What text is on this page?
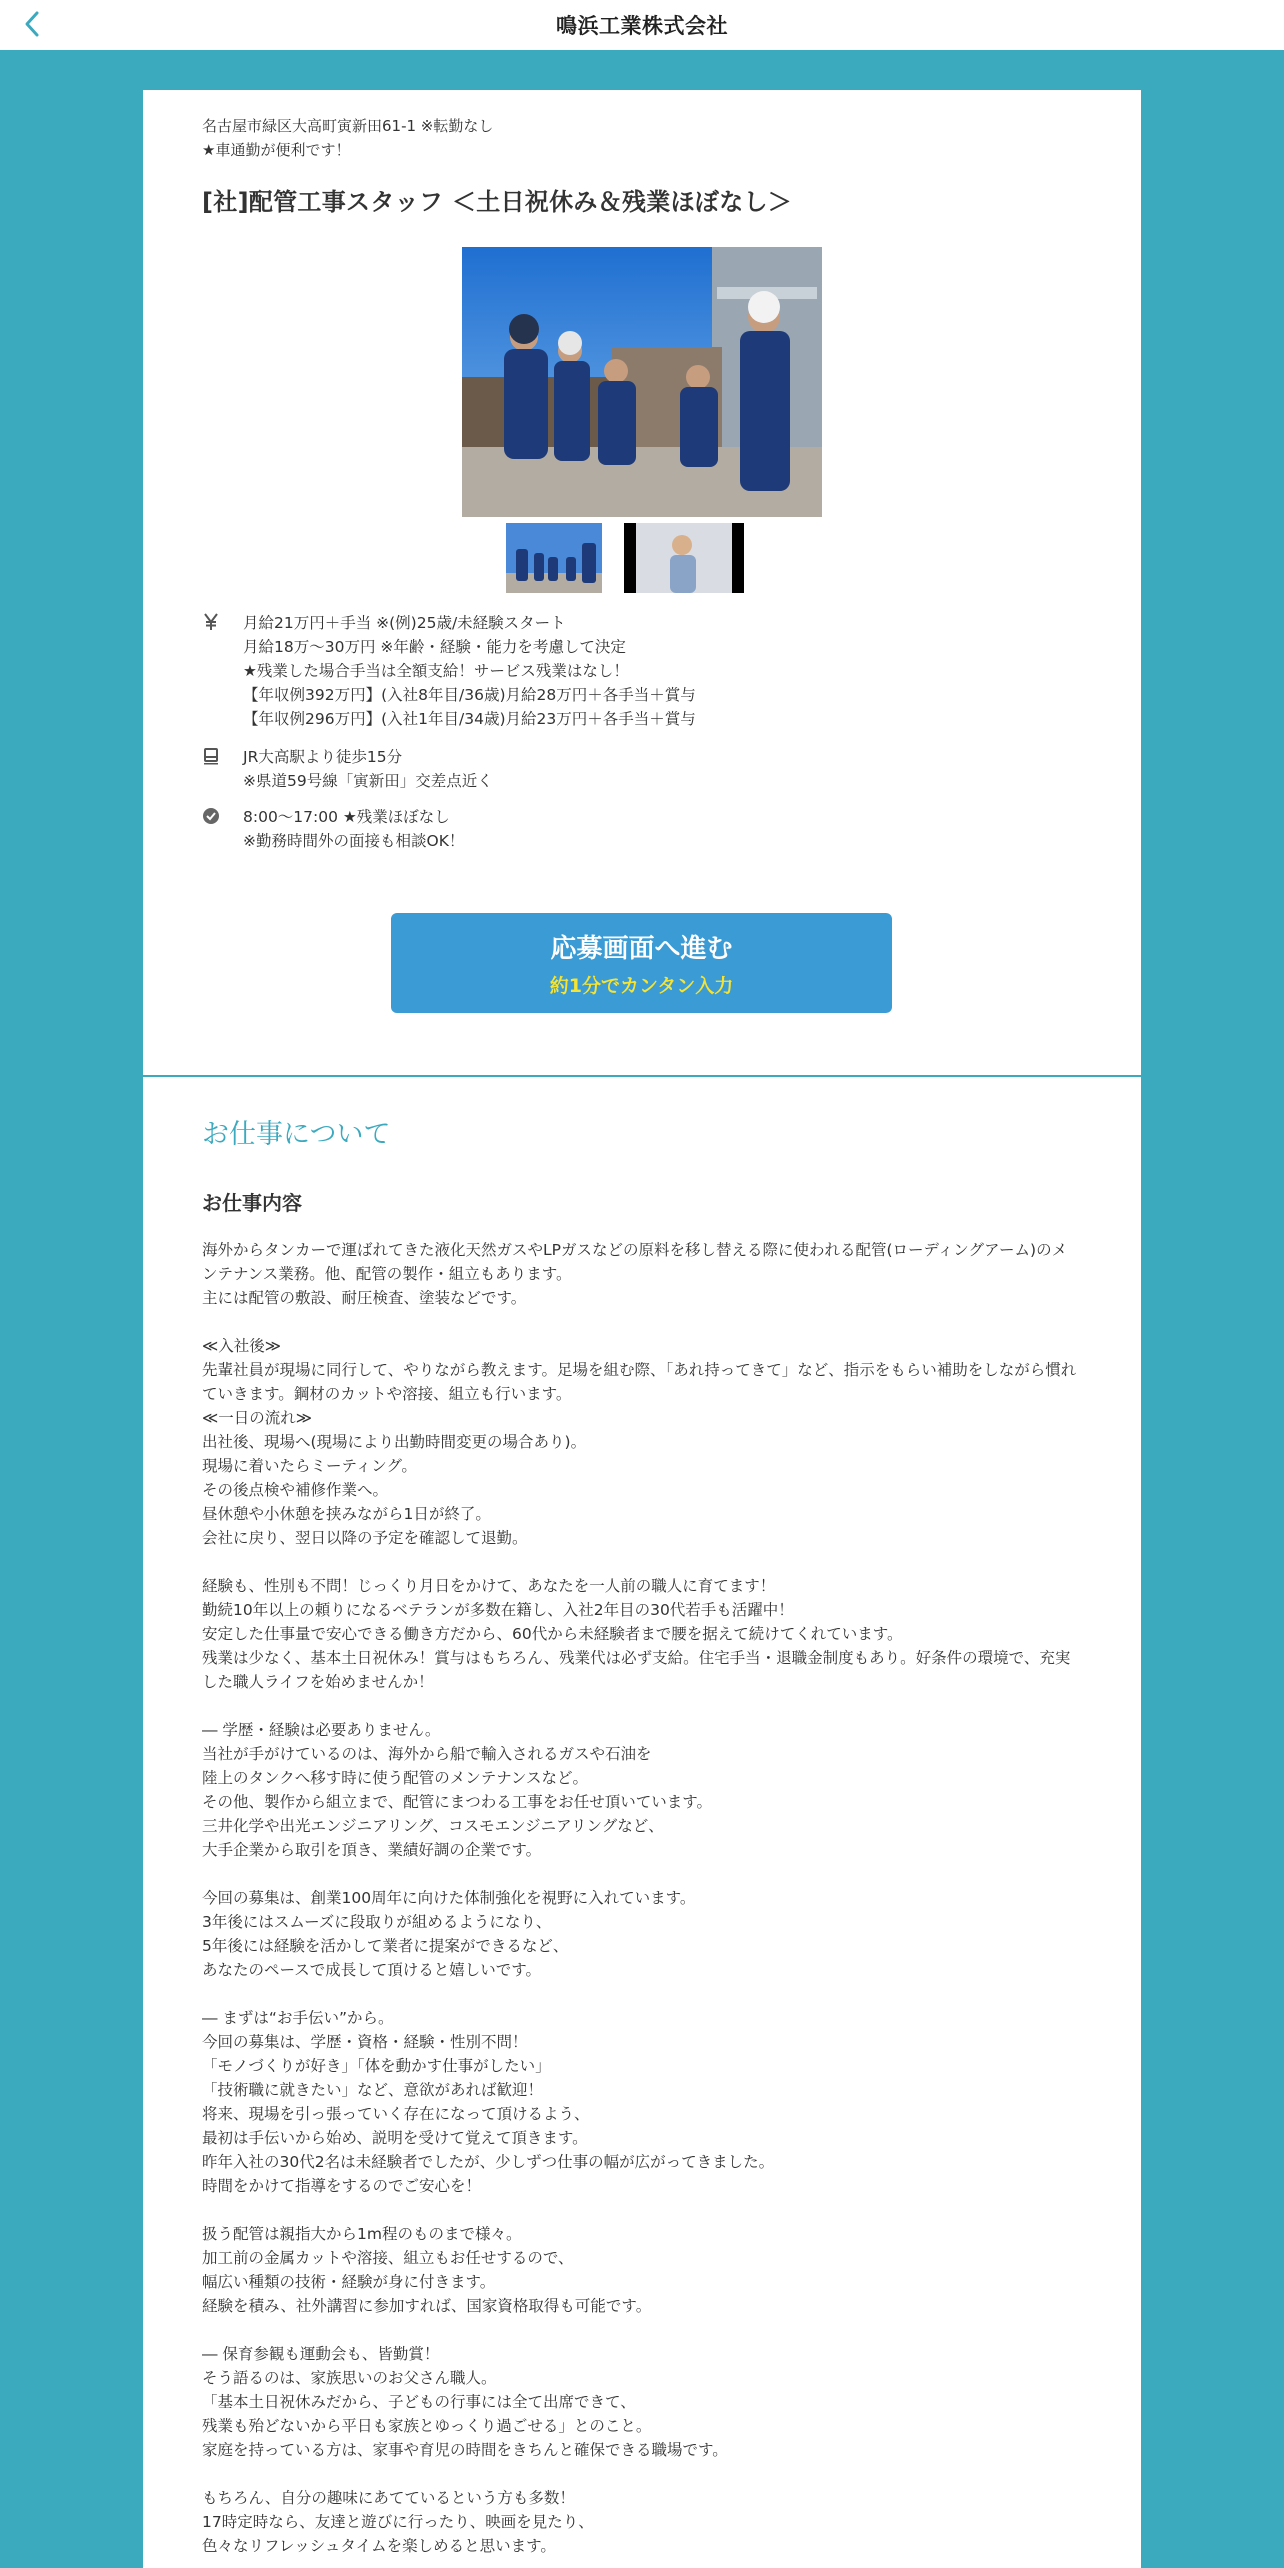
鳴浜工業株式会社
名古屋市緑区大高町寅新田61-1 ※転勤なし
★車通勤が便利です！
[社]配管工事スタッフ ＜土日祝休み＆残業ほぼなし＞
月給21万円＋手当 ※(例)25歳/未経験スタート
月給18万～30万円 ※年齢・経験・能力を考慮して決定
★残業した場合手当は全額支給！サービス残業はなし！
【年収例392万円】(入社8年目/36歳)月給28万円＋各手当＋賞与
【年収例296万円】(入社1年目/34歳)月給23万円＋各手当＋賞与
JR大高駅より徒歩15分
※県道59号線「寅新田」交差点近く
8:00～17:00 ★残業ほぼなし
※勤務時間外の面接も相談OK！
応募画面へ進む
約1分でカンタン入力
お仕事について
お仕事内容
海外からタンカーで運ばれてきた液化天然ガスやLPガスなどの原料を移し替える際に使われる配管(ローディングアーム)のメンテナンス業務。他、配管の製作・組立もあります。
主には配管の敷設、耐圧検査、塗装などです。

≪入社後≫
先輩社員が現場に同行して、やりながら教えます。足場を組む際、「あれ持ってきて」など、指示をもらい補助をしながら慣れていきます。鋼材のカットや溶接、組立も行います。
≪一日の流れ≫
出社後、現場へ(現場により出勤時間変更の場合あり)。
現場に着いたらミーティング。
その後点検や補修作業へ。
昼休憩や小休憩を挟みながら1日が終了。
会社に戻り、翌日以降の予定を確認して退勤。

経験も、性別も不問！じっくり月日をかけて、あなたを一人前の職人に育てます！
勤続10年以上の頼りになるベテランが多数在籍し、入社2年目の30代若手も活躍中！
安定した仕事量で安心できる働き方だから、60代から未経験者まで腰を据えて続けてくれています。
残業は少なく、基本土日祝休み！賞与はもちろん、残業代は必ず支給。住宅手当・退職金制度もあり。好条件の環境で、充実した職人ライフを始めませんか！

― 学歴・経験は必要ありません。
当社が手がけているのは、海外から船で輸入されるガスや石油を
陸上のタンクへ移す時に使う配管のメンテナンスなど。
その他、製作から組立まで、配管にまつわる工事をお任せ頂いています。
三井化学や出光エンジニアリング、コスモエンジニアリングなど、
大手企業から取引を頂き、業績好調の企業です。

今回の募集は、創業100周年に向けた体制強化を視野に入れています。
3年後にはスムーズに段取りが組めるようになり、
5年後には経験を活かして業者に提案ができるなど、
あなたのペースで成長して頂けると嬉しいです。

― まずは“お手伝い”から。
今回の募集は、学歴・資格・経験・性別不問！
「モノづくりが好き」「体を動かす仕事がしたい」
「技術職に就きたい」など、意欲があれば歓迎！
将来、現場を引っ張っていく存在になって頂けるよう、
最初は手伝いから始め、説明を受けて覚えて頂きます。
昨年入社の30代2名は未経験者でしたが、少しずつ仕事の幅が広がってきました。
時間をかけて指導をするのでご安心を！

扱う配管は親指大から1m程のものまで様々。
加工前の金属カットや溶接、組立もお任せするので、
幅広い種類の技術・経験が身に付きます。
経験を積み、社外講習に参加すれば、国家資格取得も可能です。

― 保育参観も運動会も、皆勤賞！
そう語るのは、家族思いのお父さん職人。
「基本土日祝休みだから、子どもの行事には全て出席できて、
残業も殆どないから平日も家族とゆっくり過ごせる」とのこと。
家庭を持っている方は、家事や育児の時間をきちんと確保できる職場です。

もちろん、自分の趣味にあてているという方も多数！
17時定時なら、友達と遊びに行ったり、映画を見たり、
色々なリフレッシュタイムを楽しめると思います。
